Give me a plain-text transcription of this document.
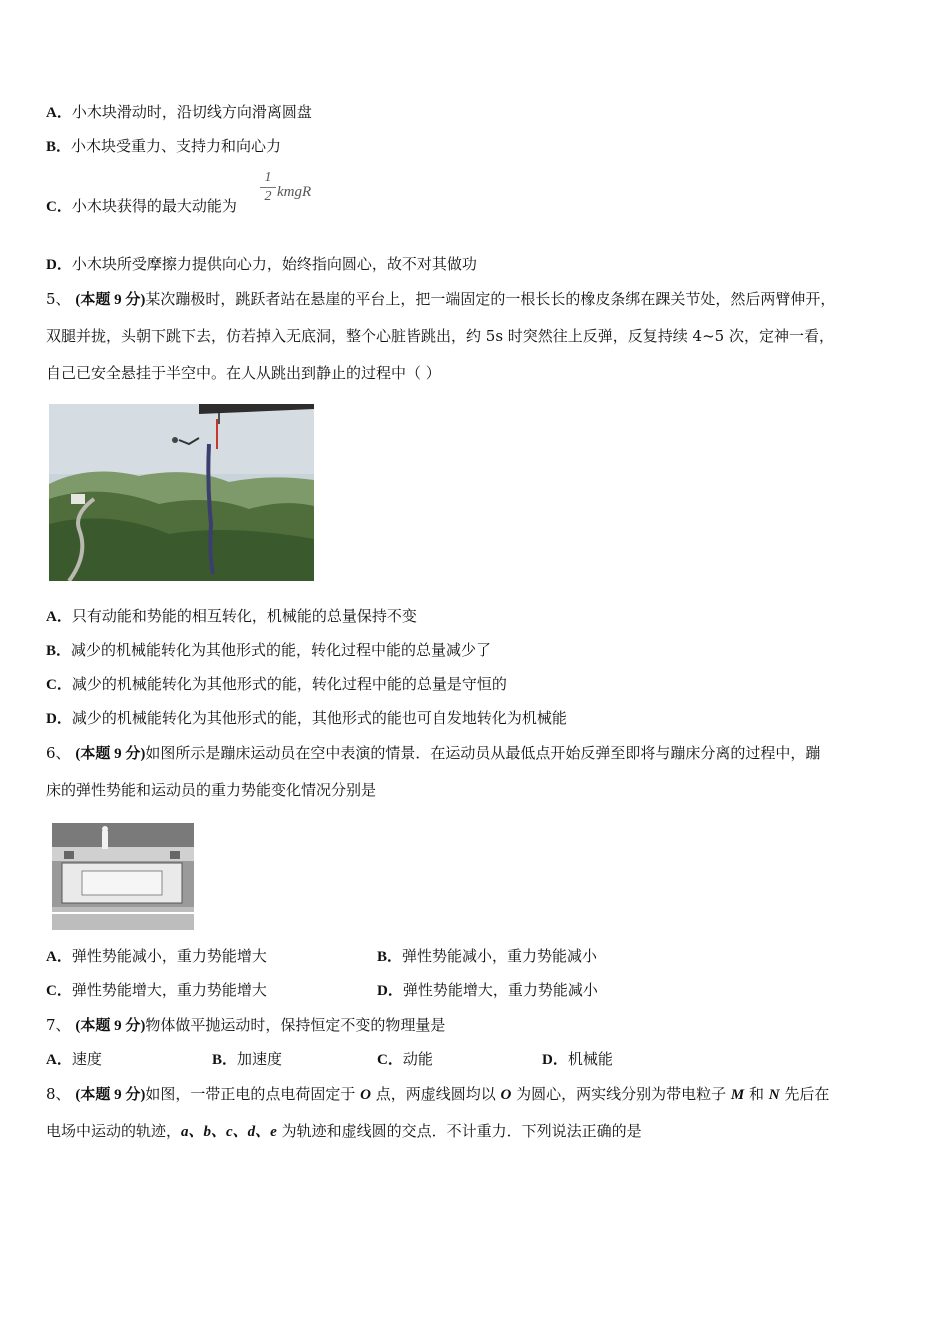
A．小木块滑动时，沿切线方向滑离圆盘
B．小木块受重力、支持力和向心力
C．小木块获得的最大动能为
1
2 kmgR
D．小木块所受摩擦力提供向心力，始终指向圆心，故不对其做功
5、 (本题 9 分)某次蹦极时，跳跃者站在悬崖的平台上，把一端固定的一根长长的橡皮条绑在踝关节处，然后两臂伸开，
双腿并拢，头朝下跳下去，仿若掉入无底洞，整个心脏皆跳出，约 5s 时突然往上反弹，反复持续 4~5 次，定神一看，
自己已安全悬挂于半空中。在人从跳出到静止的过程中（ ）
A．只有动能和势能的相互转化，机械能的总量保持不变
B．减少的机械能转化为其他形式的能，转化过程中能的总量减少了
C．减少的机械能转化为其他形式的能，转化过程中能的总量是守恒的
D．减少的机械能转化为其他形式的能，其他形式的能也可自发地转化为机械能
6、 (本题 9 分)如图所示是蹦床运动员在空中表演的情景．在运动员从最低点开始反弹至即将与蹦床分离的过程中，蹦
床的弹性势能和运动员的重力势能变化情况分别是
A．弹性势能减小，重力势能增大	B．弹性势能减小，重力势能减小
C．弹性势能增大，重力势能增大	D．弹性势能增大，重力势能减小
7、 (本题 9 分)物体做平抛运动时，保持恒定不变的物理量是
A．速度	B．加速度	C．动能	D．机械能
8、 (本题 9 分)如图，一带正电的点电荷固定于 O 点，两虚线圆均以 O 为圆心，两实线分别为带电粒子 M 和 N 先后在
电场中运动的轨迹，a、b、c、d、e 为轨迹和虚线圆的交点．不计重力．下列说法正确的是
